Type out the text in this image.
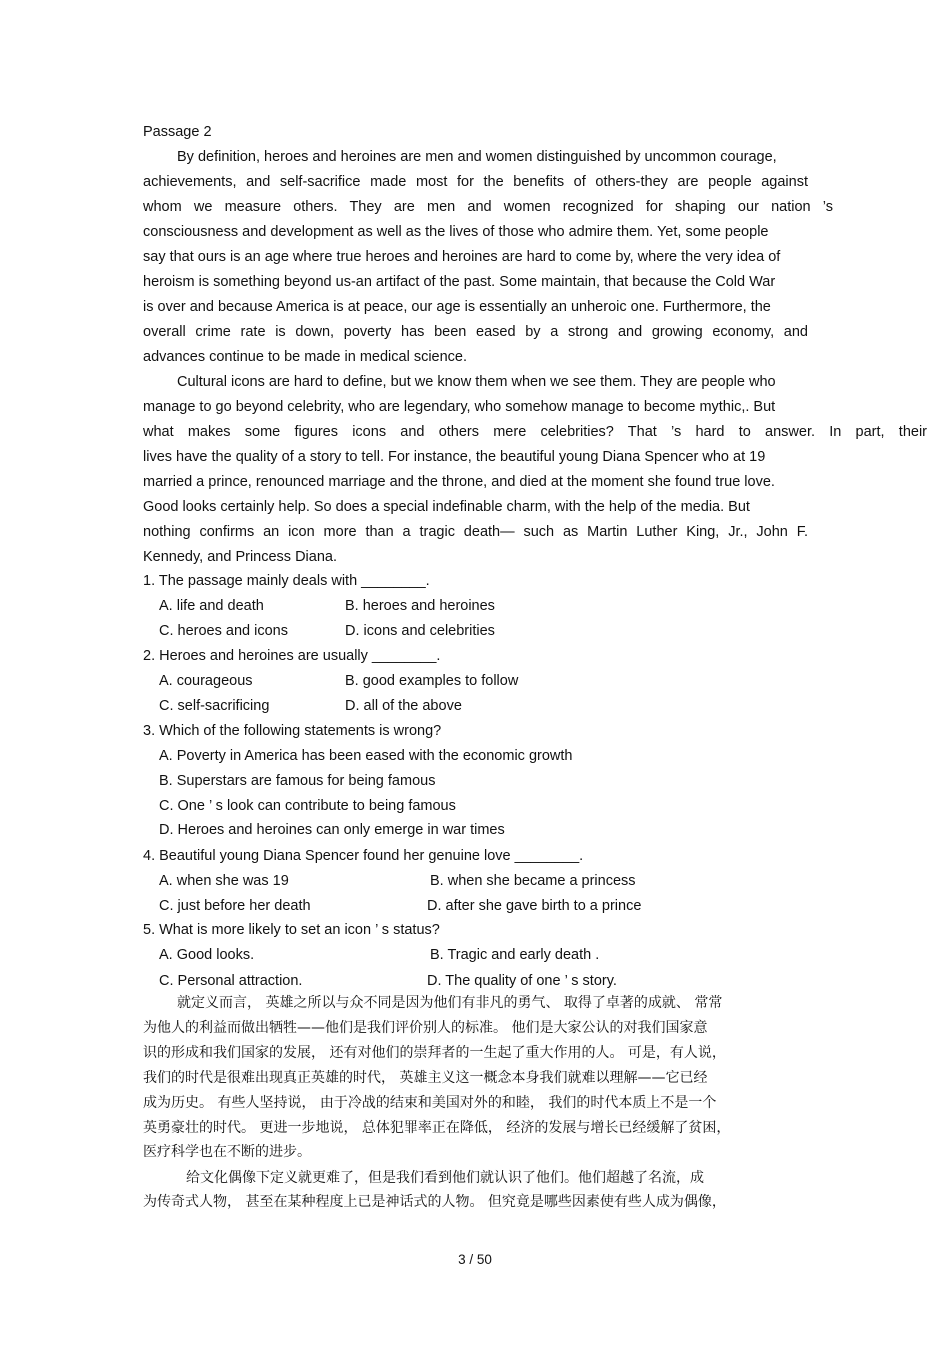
Passage 2
By definition, heroes and heroines are men and women distinguished by uncommon courage,
achievements, and self-sacrifice made most for the benefits of others-they are people against
whom we measure others. They are men and women recognized for shaping our nation ’s
consciousness and development as well as the lives of those who admire them. Yet, some people
say that ours is an age where true heroes and heroines are hard to come by, where the very idea of
heroism is something beyond us-an artifact of the past. Some maintain, that because the Cold War
is over and because America is at peace, our age is essentially an unheroic one. Furthermore, the
overall crime rate is down, poverty has been eased by a strong and growing economy, and
advances continue to be made in medical science.
Cultural icons are hard to define, but we know them when we see them. They are people who
manage to go beyond celebrity, who are legendary, who somehow manage to become mythic,. But
what makes some figures icons and others mere celebrities? That ’s hard to answer. In part, their
lives have the quality of a story to tell. For instance, the beautiful young Diana Spencer who at 19
married a prince, renounced marriage and the throne, and died at the moment she found true love.
Good looks certainly help. So does a special indefinable charm, with the help of the media. But
nothing confirms an icon more than a tragic death— such as Martin Luther King, Jr., John F.
Kennedy, and Princess Diana.
1. The passage mainly deals with ________.
A. life and death	B. heroes and heroines
C. heroes and icons	D. icons and celebrities
2. Heroes and heroines are usually ________.
A. courageous	B. good examples to follow
C. self-sacrificing	D. all of the above
3. Which of the following statements is wrong?
A. Poverty in America has been eased with the economic growth
B. Superstars are famous for being famous
C. One ’ s look can contribute to being famous
D. Heroes and heroines can only emerge in war times
4. Beautiful young Diana Spencer found her genuine love ________.
A. when she was 19	B. when she became a princess
C. just before her death	D. after she gave birth to a prince
5. What is more likely to set an icon ’ s status?
A. Good looks.	B. Tragic and early death .
C. Personal attraction.	D. The quality of one ’ s story.
就定义而言， 英雄之所以与众不同是因为他们有非凡的勇气、 取得了卓著的成就、 常常
为他人的利益而做出牺牲——他们是我们评价别人的标准。 他们是大家公认的对我们国家意
识的形成和我们国家的发展， 还有对他们的崇拜者的一生起了重大作用的人。 可是，有人说，
我们的时代是很难出现真正英雄的时代， 英雄主义这一概念本身我们就难以理解——它已经
成为历史。 有些人坚持说， 由于冷战的结束和美国对外的和睦， 我们的时代本质上不是一个
英勇豪壮的时代。 更进一步地说， 总体犯罪率正在降低， 经济的发展与增长已经缓解了贫困，
医疗科学也在不断的进步。
给文化偶像下定义就更难了，但是我们看到他们就认识了他们。他们超越了名流，成
为传奇式人物， 甚至在某种程度上已是神话式的人物。 但究竟是哪些因素使有些人成为偶像，
3 / 50
